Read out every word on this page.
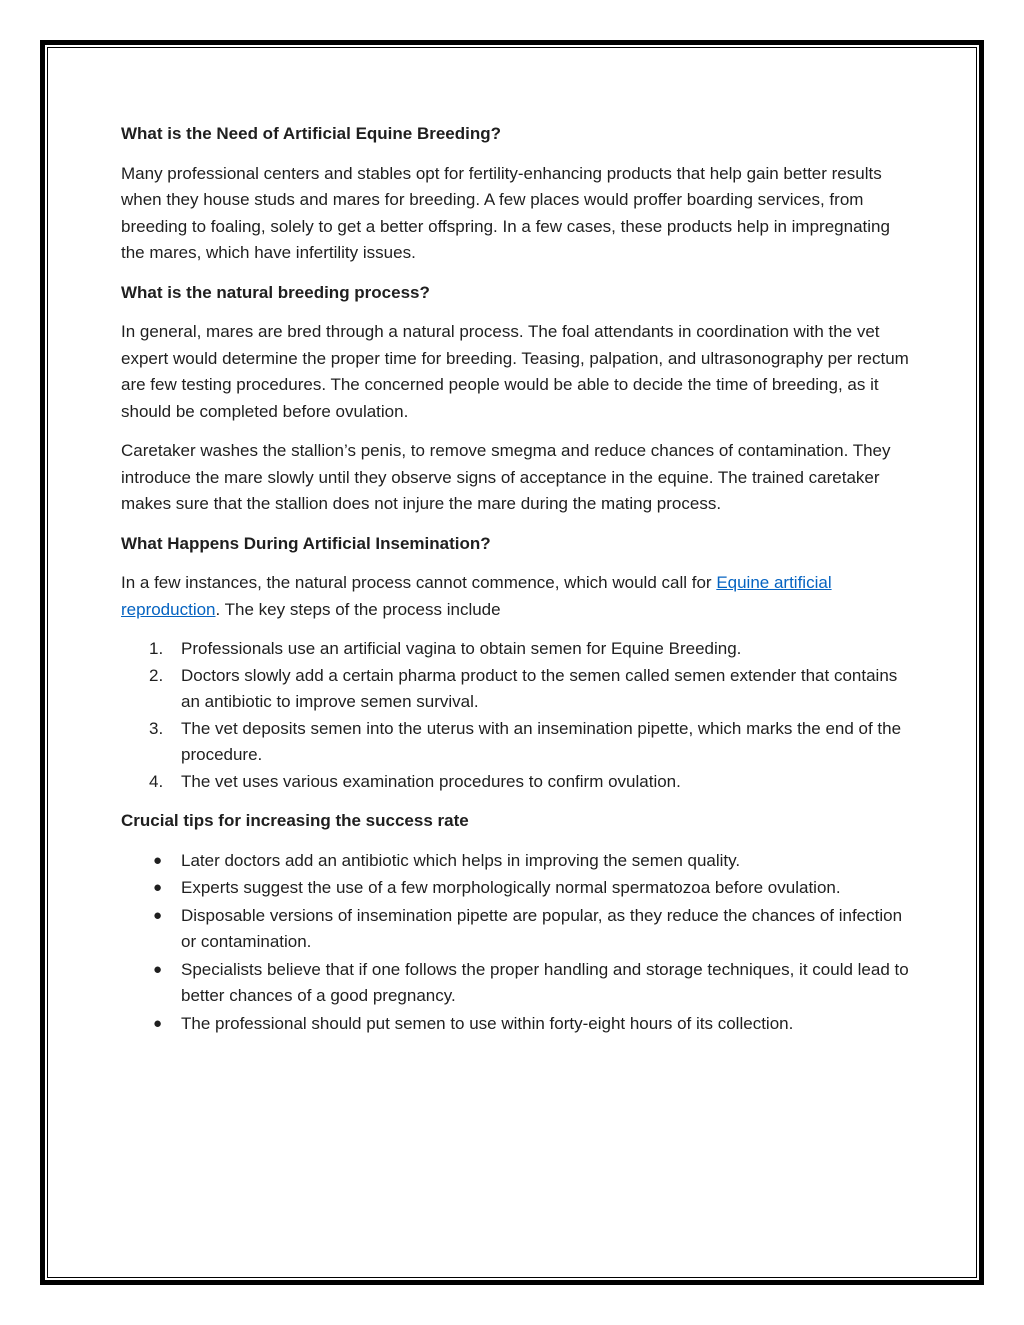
What is the Need of Artificial Equine Breeding?

Many professional centers and stables opt for fertility-enhancing products that help gain better results when they house studs and mares for breeding. A few places would proffer boarding services, from breeding to foaling, solely to get a better offspring. In a few cases, these products help in impregnating the mares, which have infertility issues.

What is the natural breeding process?

In general, mares are bred through a natural process. The foal attendants in coordination with the vet expert would determine the proper time for breeding. Teasing, palpation, and ultrasonography per rectum are few testing procedures. The concerned people would be able to decide the time of breeding, as it should be completed before ovulation.

Caretaker washes the stallion’s penis, to remove smegma and reduce chances of contamination. They introduce the mare slowly until they observe signs of acceptance in the equine. The trained caretaker makes sure that the stallion does not injure the mare during the mating process.

What Happens During Artificial Insemination?

In a few instances, the natural process cannot commence, which would call for Equine artificial reproduction. The key steps of the process include

1. Professionals use an artificial vagina to obtain semen for Equine Breeding.
2. Doctors slowly add a certain pharma product to the semen called semen extender that contains an antibiotic to improve semen survival.
3. The vet deposits semen into the uterus with an insemination pipette, which marks the end of the procedure.
4. The vet uses various examination procedures to confirm ovulation.
Crucial tips for increasing the success rate
● Later doctors add an antibiotic which helps in improving the semen quality.
● Experts suggest the use of a few morphologically normal spermatozoa before ovulation.
● Disposable versions of insemination pipette are popular, as they reduce the chances of infection or contamination.
● Specialists believe that if one follows the proper handling and storage techniques, it could lead to better chances of a good pregnancy.
● The professional should put semen to use within forty-eight hours of its collection.
